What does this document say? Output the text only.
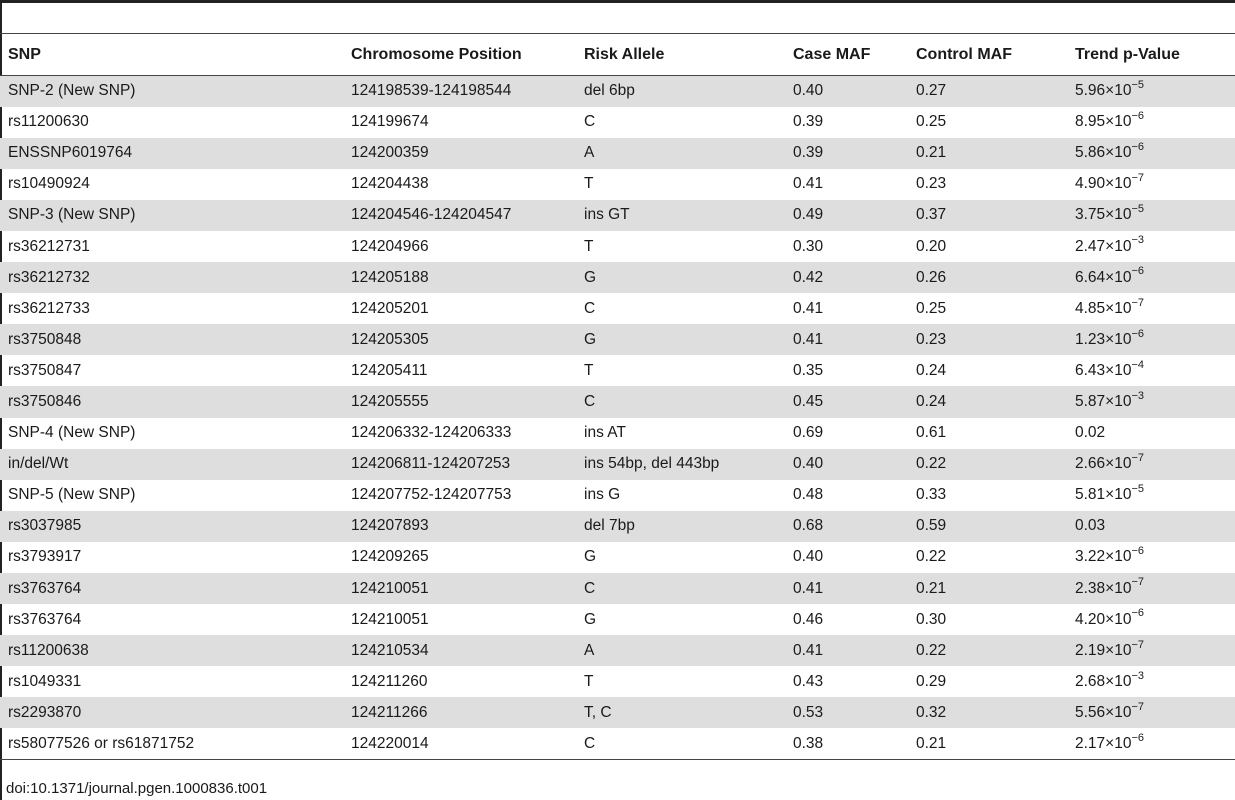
SNP	Chromosome Position	Risk Allele	Case MAF	Control MAF	Trend p-Value
SNP-2 (New SNP)	124198539-124198544	del 6bp	0.40	0.27	$5.96\times 10^{-5}$
rs11200630	124199674	C	0.39	0.25	$8.95\times 10^{-6}$
ENSSNP6019764	124200359	A	0.39	0.21	$5.86\times 10^{-6}$
rs10490924	124204438	T	0.41	0.23	$4.90\times 10^{-7}$
SNP-3 (New SNP)	124204546-124204547	ins GT	0.49	0.37	$3.75\times 10^{-5}$
rs36212731	124204966	T	0.30	0.20	$2.47\times 10^{-3}$
rs36212732	124205188	G	0.42	0.26	$6.64\times 10^{-6}$
rs36212733	124205201	C	0.41	0.25	$4.85\times 10^{-7}$
rs3750848	124205305	G	0.41	0.23	$1.23\times 10^{-6}$
rs3750847	124205411	T	0.35	0.24	$6.43\times 10^{-4}$
rs3750846	124205555	C	0.45	0.24	$5.87\times 10^{-3}$
SNP-4 (New SNP)	124206332-124206333	ins AT	0.69	0.61	0.02
in/del/Wt	124206811-124207253	ins 54bp, del 443bp	0.40	0.22	$2.66\times 10^{-7}$
SNP-5 (New SNP)	124207752-124207753	ins G	0.48	0.33	$5.81\times 10^{-5}$
rs3037985	124207893	del 7bp	0.68	0.59	0.03
rs3793917	124209265	G	0.40	0.22	$3.22\times 10^{-6}$
rs3763764	124210051	C	0.41	0.21	$2.38\times 10^{-7}$
rs3763764	124210051	G	0.46	0.30	$4.20\times 10^{-6}$
rs11200638	124210534	A	0.41	0.22	$2.19\times 10^{-7}$
rs1049331	124211260	T	0.43	0.29	$2.68\times 10^{-3}$
rs2293870	124211266	T, C	0.53	0.32	$5.56\times 10^{-7}$
rs58077526 or rs61871752	124220014	C	0.38	0.21	$2.17\times 10^{-6}$
doi:10.1371/journal.pgen.1000836.t001
